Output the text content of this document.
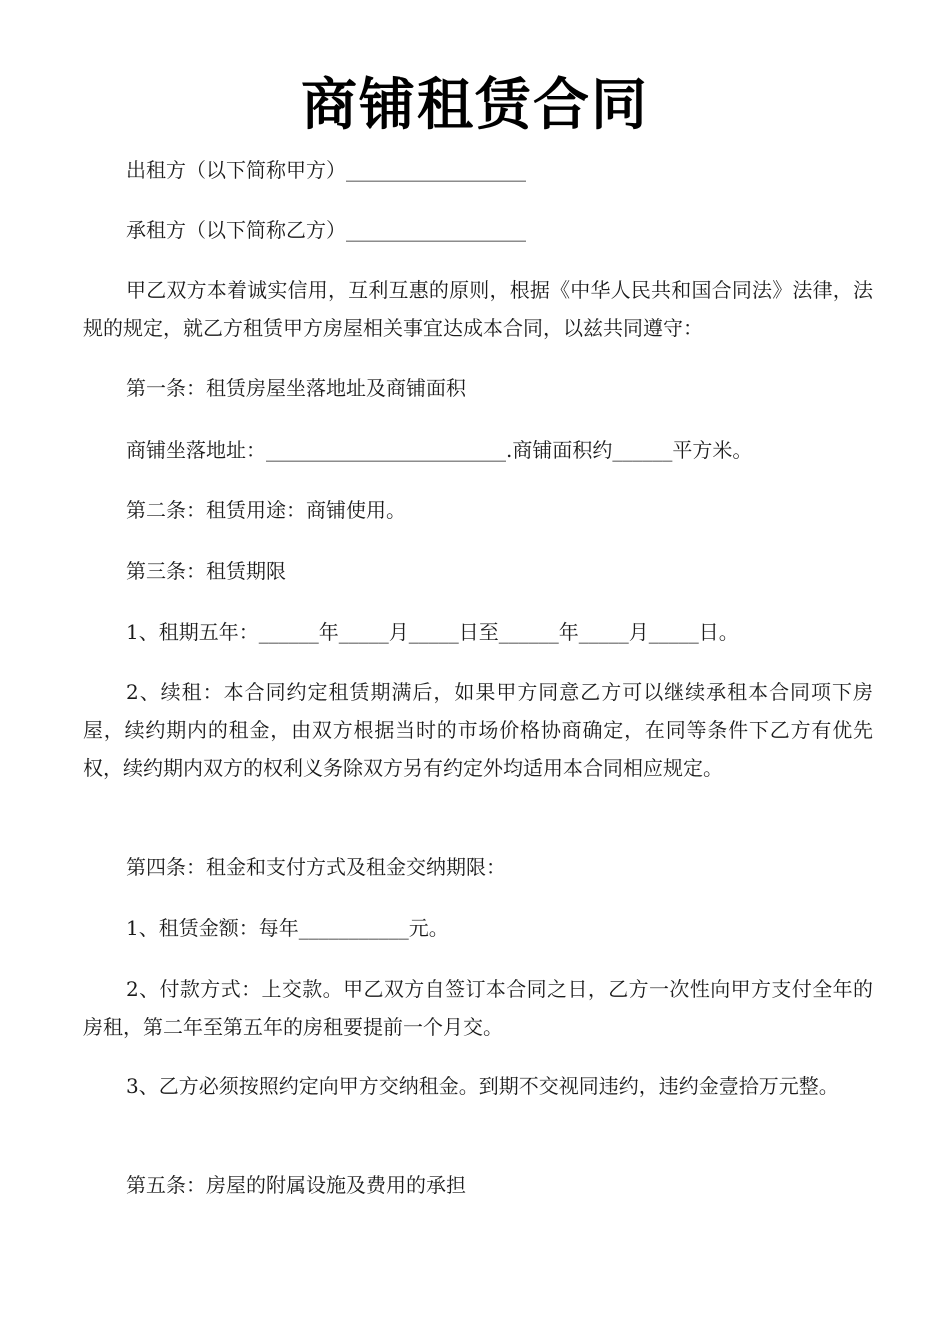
商铺租赁合同
出租方（以下简称甲方）__________________
承租方（以下简称乙方）__________________
甲乙双方本着诚实信用，互利互惠的原则，根据《中华人民共和国合同法》法律，法规的规定，就乙方租赁甲方房屋相关事宜达成本合同，以兹共同遵守：
第一条：租赁房屋坐落地址及商铺面积
商铺坐落地址：________________________.商铺面积约______平方米。
第二条：租赁用途：商铺使用。
第三条：租赁期限
1、租期五年：______年_____月_____日至______年_____月_____日。
2、续租：本合同约定租赁期满后，如果甲方同意乙方可以继续承租本合同项下房屋，续约期内的租金，由双方根据当时的市场价格协商确定，在同等条件下乙方有优先权，续约期内双方的权利义务除双方另有约定外均适用本合同相应规定。
第四条：租金和支付方式及租金交纳期限：
1、租赁金额：每年___________元。
2、付款方式：上交款。甲乙双方自签订本合同之日，乙方一次性向甲方支付全年的房租，第二年至第五年的房租要提前一个月交。
3、乙方必须按照约定向甲方交纳租金。到期不交视同违约，违约金壹拾万元整。
第五条：房屋的附属设施及费用的承担
